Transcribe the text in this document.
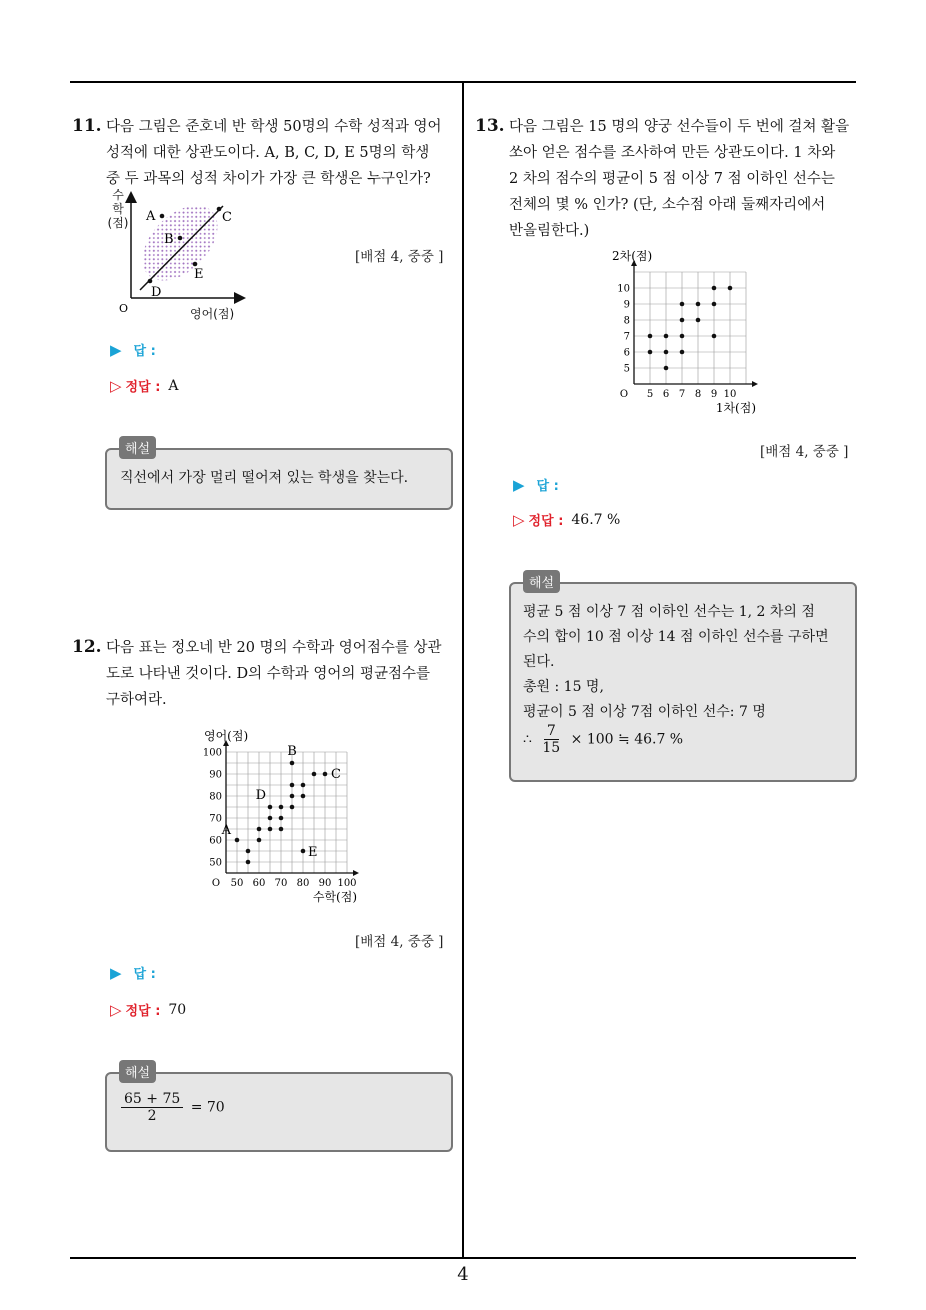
11. 다음 그림은 준호네 반 학생 50명의 수학 성적과 영어
성적에 대한 상관도이다. A, B, C, D, E 5명의 학생
중 두 과목의 성적 차이가 가장 큰 학생은 누구인가?
A
B
C
D
E
O
수
학
(점)
영어(점)
[배점 4, 중중 ]
▶ 답 :
▷ 정답 : A
해설
직선에서 가장 멀리 떨어져 있는 학생을 찾는다.
12. 다음 표는 정오네 반 20 명의 수학과 영어점수를 상관
도로 나타낸 것이다. D의 수학과 영어의 평균점수를
구하여라.
50 60 70 80 90 100
50
60
70
80
90
100
O
영어(점)
수학(점)
A
B
C
D
E
[배점 4, 중중 ]
▶ 답 :
▷ 정답 : 70
해설
$\frac{65 + 75}{2} = 70$
13. 다음 그림은 15 명의 양궁 선수들이 두 번에 걸쳐 활을
쏘아 얻은 점수를 조사하여 만든 상관도이다. 1 차와
2 차의 점수의 평균이 5 점 이상 7 점 이하인 선수는
전체의 몇 % 인가? (단, 소수점 아래 둘째자리에서
반올림한다.)
5 6 7 8 9 10
5
6
7
8
9
10
O
2차(점)
1차(점)
[배점 4, 중중 ]
▶ 답 :
▷ 정답 : 46.7 %
해설
평균 5 점 이상 7 점 이하인 선수는 1, 2 차의 점
수의 합이 10 점 이상 14 점 이하인 선수를 구하면
된다.
총원 : 15 명,
평균이 5 점 이상 7점 이하인 선수: 7 명
∴ $\frac{7}{15} \times 100$ ≒ 46.7 %
4
